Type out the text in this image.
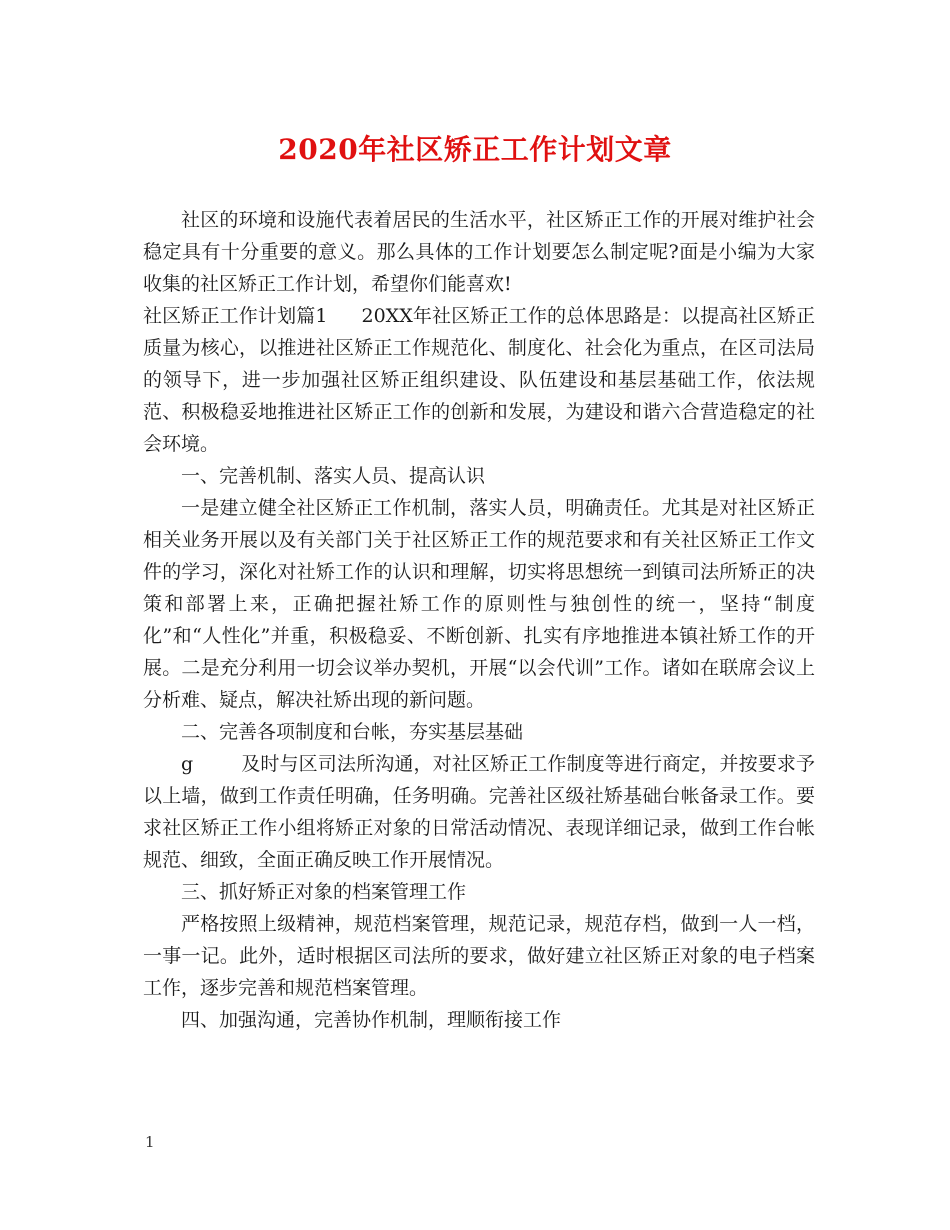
2020年社区矫正工作计划文章

社区的环境和设施代表着居民的生活水平，社区矫正工作的开展对维护社会稳定具有十分重要的意义。那么具体的工作计划要怎么制定呢?面是小编为大家收集的社区矫正工作计划，希望你们能喜欢!

社区矫正工作计划篇1 20XX年社区矫正工作的总体思路是：以提高社区矫正质量为核心，以推进社区矫正工作规范化、制度化、社会化为重点，在区司法局的领导下，进一步加强社区矫正组织建设、队伍建设和基层基础工作，依法规范、积极稳妥地推进社区矫正工作的创新和发展，为建设和谐六合营造稳定的社会环境。

一、完善机制、落实人员、提高认识

一是建立健全社区矫正工作机制，落实人员，明确责任。尤其是对社区矫正相关业务开展以及有关部门关于社区矫正工作的规范要求和有关社区矫正工作文件的学习，深化对社矫工作的认识和理解，切实将思想统一到镇司法所矫正的决策和部署上来，正确把握社矫工作的原则性与独创性的统一，坚持“制度化”和“人性化”并重，积极稳妥、不断创新、扎实有序地推进本镇社矫工作的开展。二是充分利用一切会议举办契机，开展“以会代训”工作。诸如在联席会议上分析难、疑点，解决社矫出现的新问题。

二、完善各项制度和台帐，夯实基层基础

g	及时与区司法所沟通，对社区矫正工作制度等进行商定，并按要求予以上墙，做到工作责任明确，任务明确。完善社区级社矫基础台帐备录工作。要求社区矫正工作小组将矫正对象的日常活动情况、表现详细记录，做到工作台帐规范、细致，全面正确反映工作开展情况。

三、抓好矫正对象的档案管理工作

严格按照上级精神，规范档案管理，规范记录，规范存档，做到一人一档，一事一记。此外，适时根据区司法所的要求，做好建立社区矫正对象的电子档案工作，逐步完善和规范档案管理。

四、加强沟通，完善协作机制，理顺衔接工作

1
